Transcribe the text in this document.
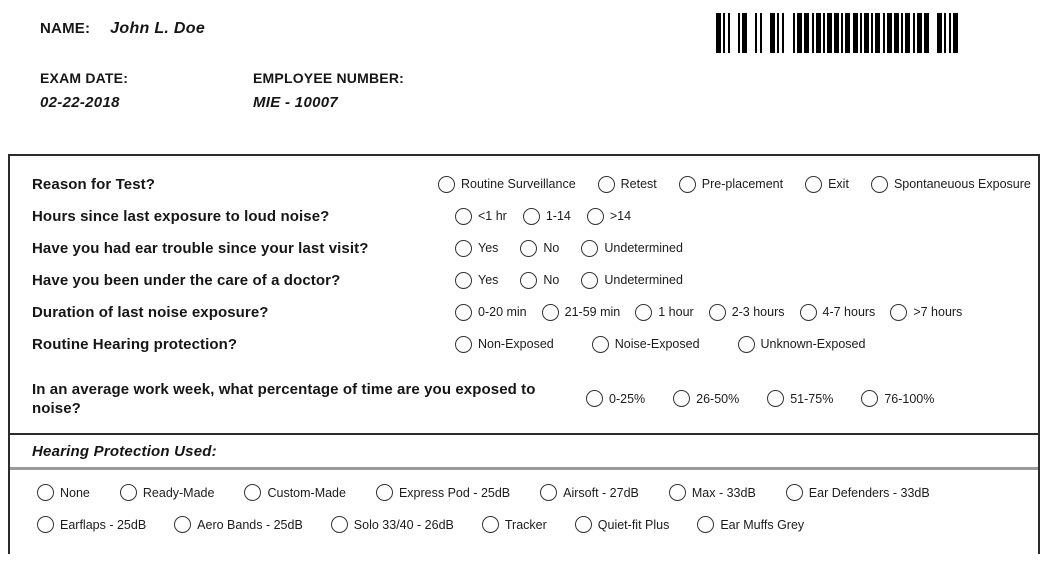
NAME: John L. Doe
EXAM DATE:
02-22-2018
EMPLOYEE NUMBER:
MIE - 10007
Reason for Test?	Routine Surveillance	Retest	Pre-placement	Exit	Spontaneuous Exposure
Hours since last exposure to loud noise?	<1 hr	1-14	>14
Have you had ear trouble since your last visit?	Yes	No	Undetermined
Have you been under the care of a doctor?	Yes	No	Undetermined
Duration of last noise exposure?	0-20 min	21-59 min	1 hour	2-3 hours	4-7 hours	>7 hours
Routine Hearing protection?	Non-Exposed	Noise-Exposed	Unknown-Exposed
In an average work week, what percentage of time are you exposed to noise?
0-25%	26-50%	51-75%	76-100%
Hearing Protection Used:
None	Ready-Made	Custom-Made	Express Pod - 25dB	Airsoft - 27dB	Max - 33dB	Ear Defenders - 33dB
Earflaps - 25dB	Aero Bands - 25dB	Solo 33/40 - 26dB	Tracker	Quiet-fit Plus	Ear Muffs Grey
